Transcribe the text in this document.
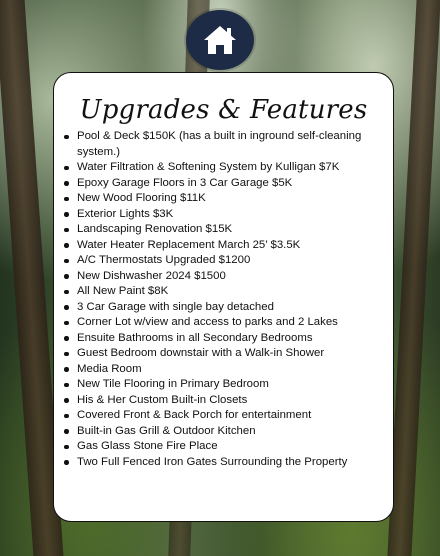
Upgrades & Features
Pool & Deck $150K (has a built in inground self-cleaning system.)
Water Filtration & Softening System by Kulligan $7K
Epoxy Garage Floors in 3 Car Garage $5K
New Wood Flooring $11K
Exterior Lights $3K
Landscaping Renovation $15K
Water Heater Replacement March 25’ $3.5K
A/C Thermostats Upgraded $1200
New Dishwasher 2024 $1500
All New Paint $8K
3 Car Garage with single bay detached
Corner Lot w/view and access to parks and 2 Lakes
Ensuite Bathrooms in all Secondary Bedrooms
Guest Bedroom downstair with a Walk-in Shower
Media Room
New Tile Flooring in Primary Bedroom
His & Her Custom Built-in Closets
Covered Front & Back Porch for entertainment
Built-in Gas Grill & Outdoor Kitchen
Gas Glass Stone Fire Place
Two Full Fenced Iron Gates Surrounding the Property
